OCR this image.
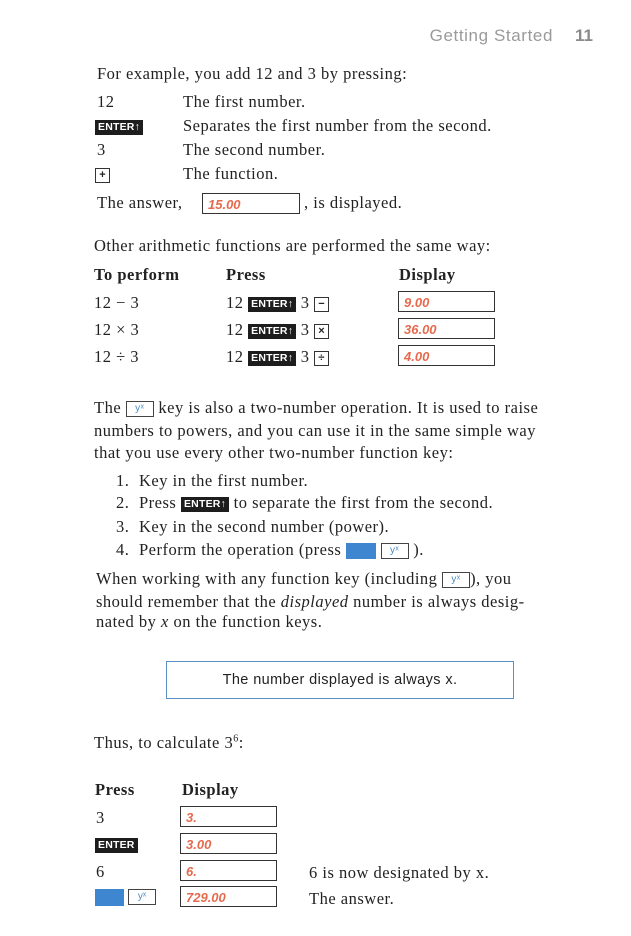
Getting Started 11
For example, you add 12 and 3 by pressing:
12	The first number.
ENTER↑	Separates the first number from the second.
3	The second number.
+	The function.
The answer,	15.00	, is displayed.
Other arithmetic functions are performed the same way:
To perform	Press	Display
12 − 3	12 ENTER↑ 3 −	9.00
12 × 3	12 ENTER↑ 3 ×	36.00
12 ÷ 3	12 ENTER↑ 3 ÷	4.00
The yˣ key is also a two-number operation. It is used to raise
numbers to powers, and you can use it in the same simple way
that you use every other two-number function key:
1. Key in the first number.
2. Press ENTER↑ to separate the first from the second.
3. Key in the second number (power).
4. Perform the operation (press	yˣ ).
When working with any function key (including yˣ ), you
should remember that the displayed number is always desig-
nated by x on the function keys.
The number displayed is always x.
Thus, to calculate $3^6$:
Press	Display
3	3.
ENTER	3.00
6	6.	6 is now designated by x.
yˣ	729.00	The answer.
